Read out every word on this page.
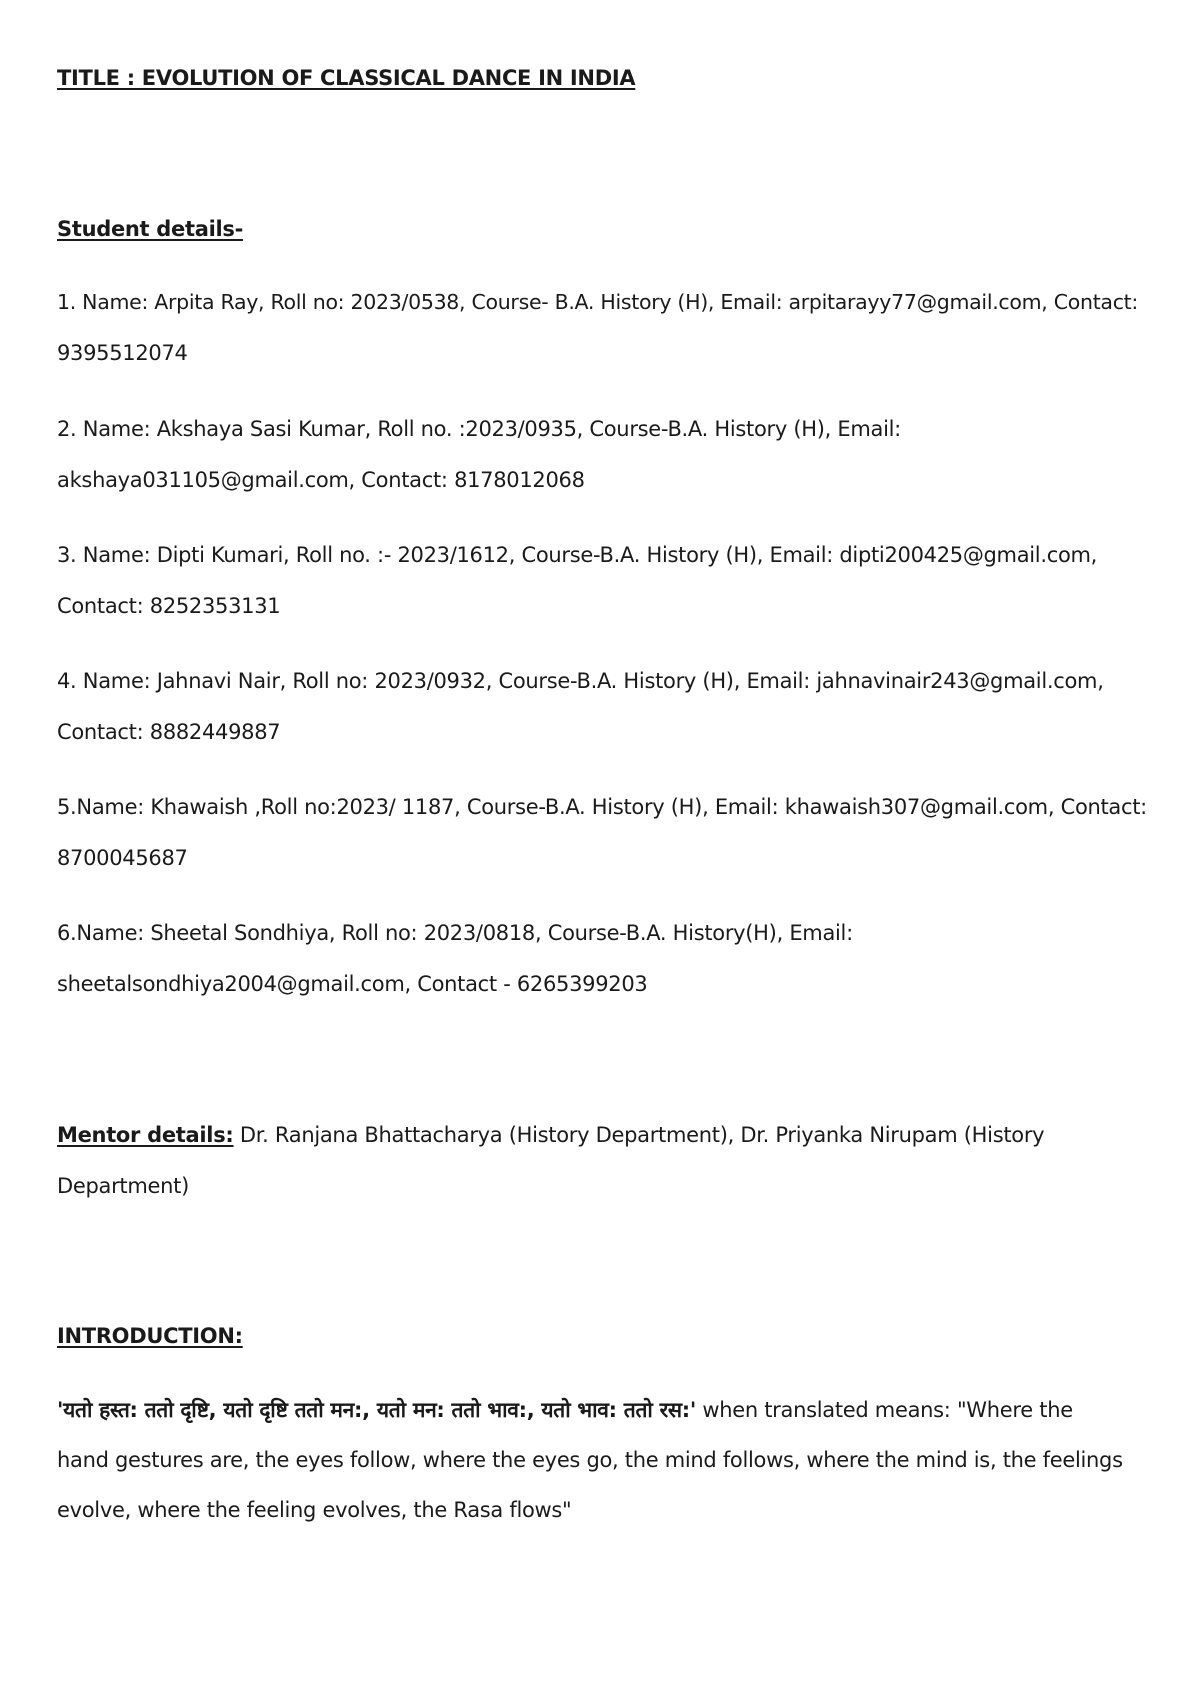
TITLE : EVOLUTION OF CLASSICAL DANCE IN INDIA
Student details-
1. Name: Arpita Ray, Roll no: 2023/0538, Course- B.A. History (H), Email: arpitarayy77@gmail.com, Contact:
9395512074
2. Name: Akshaya Sasi Kumar, Roll no. :2023/0935, Course-B.A. History (H), Email:
akshaya031105@gmail.com, Contact: 8178012068
3. Name: Dipti Kumari, Roll no. :- 2023/1612, Course-B.A. History (H), Email: dipti200425@gmail.com,
Contact: 8252353131
4. Name: Jahnavi Nair, Roll no: 2023/0932, Course-B.A. History (H), Email: jahnavinair243@gmail.com,
Contact: 8882449887
5.Name: Khawaish ,Roll no:2023/ 1187, Course-B.A. History (H), Email: khawaish307@gmail.com, Contact:
8700045687
6.Name: Sheetal Sondhiya, Roll no: 2023/0818, Course-B.A. History(H), Email:
sheetalsondhiya2004@gmail.com, Contact - 6265399203
Mentor details: Dr. Ranjana Bhattacharya (History Department), Dr. Priyanka Nirupam (History
Department)
INTRODUCTION:
'यतो हस्त: ततो दृष्टि, यतो दृष्टि ततो मन:, यतो मन: ततो भाव:, यतो भाव: ततो रस:' when translated means: "Where the
hand gestures are, the eyes follow, where the eyes go, the mind follows, where the mind is, the feelings
evolve, where the feeling evolves, the Rasa flows"
